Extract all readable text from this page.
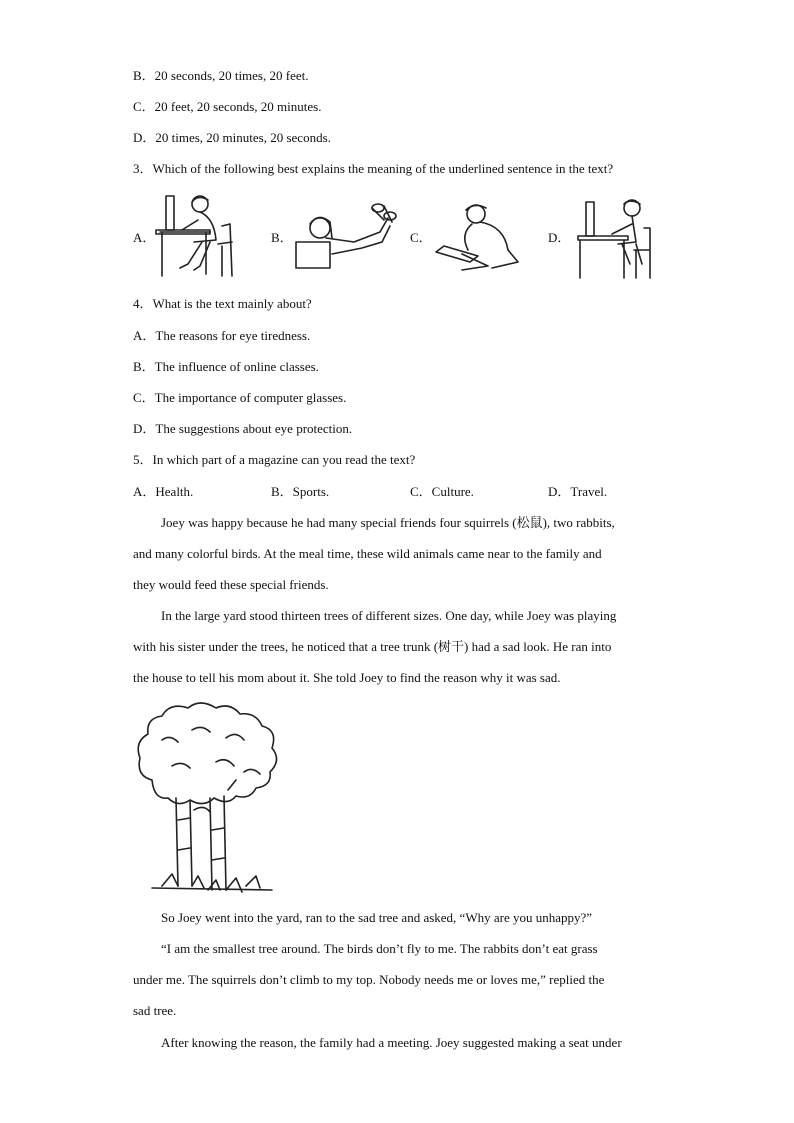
B．20 seconds, 20 times, 20 feet.
C．20 feet, 20 seconds, 20 minutes.
D．20 times, 20 minutes, 20 seconds.
3．Which of the following best explains the meaning of the underlined sentence in the text?
A．	B．	C．	D．
4．What is the text mainly about?
A．The reasons for eye tiredness.
B．The influence of online classes.
C．The importance of computer glasses.
D．The suggestions about eye protection.
5．In which part of a magazine can you read the text?
A．Health.	B．Sports.	C．Culture.	D．Travel.
Joey was happy because he had many special friends four squirrels (松鼠), two rabbits,
and many colorful birds. At the meal time, these wild animals came near to the family and
they would feed these special friends.
In the large yard stood thirteen trees of different sizes. One day, while Joey was playing
with his sister under the trees, he noticed that a tree trunk (树干) had a sad look. He ran into
the house to tell his mom about it. She told Joey to find the reason why it was sad.
So Joey went into the yard, ran to the sad tree and asked, “Why are you unhappy?”
“I am the smallest tree around. The birds don’t fly to me. The rabbits don’t eat grass
under me. The squirrels don’t climb to my top. Nobody needs me or loves me,” replied the
sad tree.
After knowing the reason, the family had a meeting. Joey suggested making a seat under
